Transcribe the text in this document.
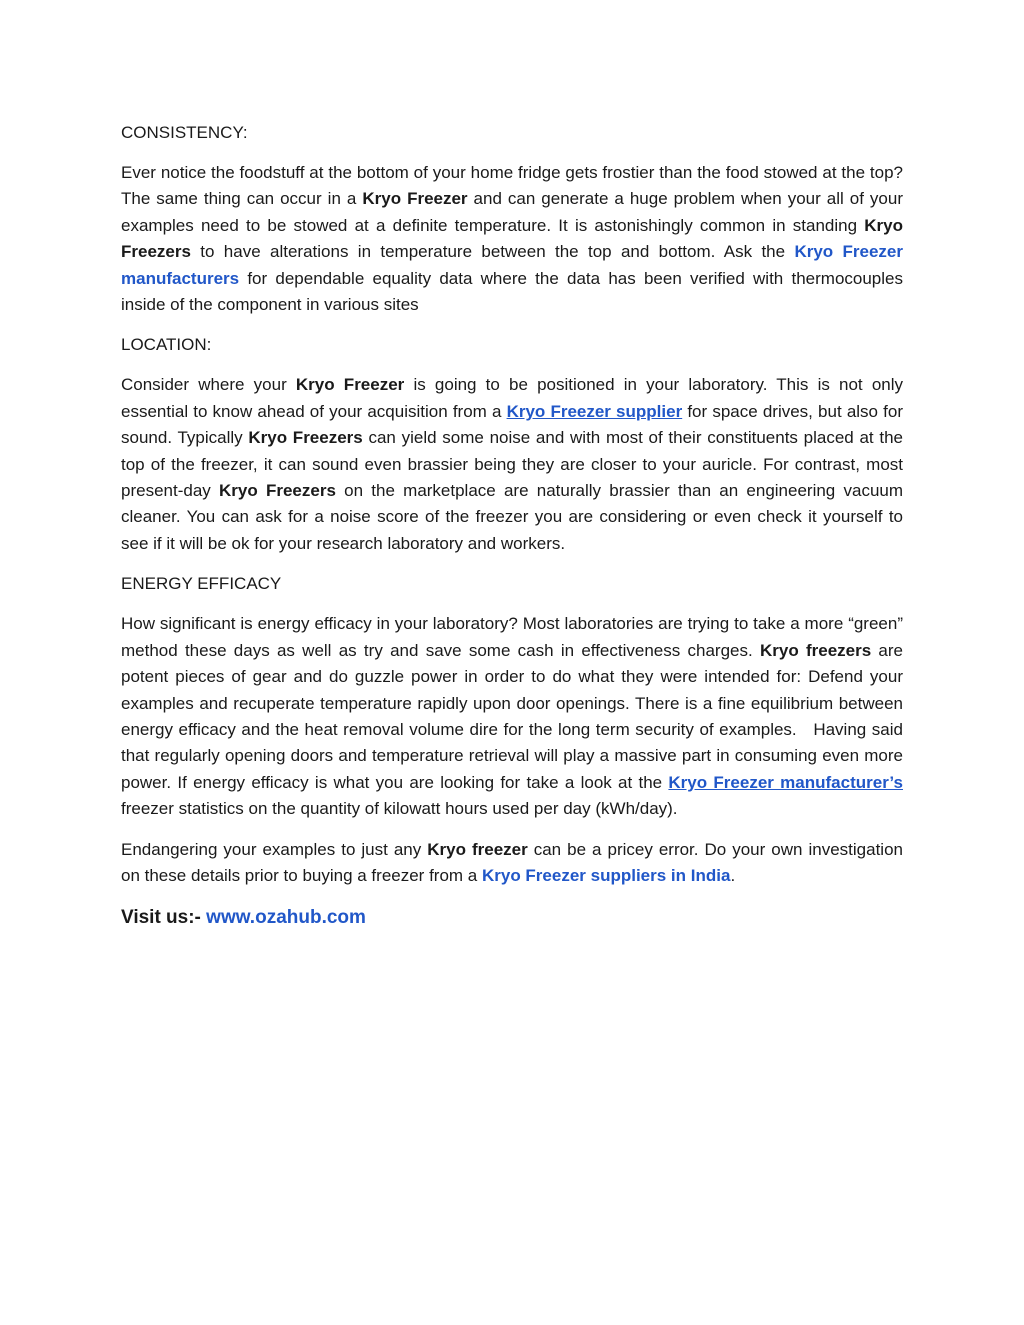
CONSISTENCY:

Ever notice the foodstuff at the bottom of your home fridge gets frostier than the food stowed at the top? The same thing can occur in a Kryo Freezer and can generate a huge problem when your all of your examples need to be stowed at a definite temperature. It is astonishingly common in standing Kryo Freezers to have alterations in temperature between the top and bottom. Ask the Kryo Freezer manufacturers for dependable equality data where the data has been verified with thermocouples inside of the component in various sites

LOCATION:

Consider where your Kryo Freezer is going to be positioned in your laboratory. This is not only essential to know ahead of your acquisition from a Kryo Freezer supplier for space drives, but also for sound. Typically Kryo Freezers can yield some noise and with most of their constituents placed at the top of the freezer, it can sound even brassier being they are closer to your auricle. For contrast, most present-day Kryo Freezers on the marketplace are naturally brassier than an engineering vacuum cleaner. You can ask for a noise score of the freezer you are considering or even check it yourself to see if it will be ok for your research laboratory and workers.

ENERGY EFFICACY

How significant is energy efficacy in your laboratory? Most laboratories are trying to take a more “green” method these days as well as try and save some cash in effectiveness charges. Kryo freezers are potent pieces of gear and do guzzle power in order to do what they were intended for: Defend your examples and recuperate temperature rapidly upon door openings. There is a fine equilibrium between energy efficacy and the heat removal volume dire for the long term security of examples.   Having said that regularly opening doors and temperature retrieval will play a massive part in consuming even more power. If energy efficacy is what you are looking for take a look at the Kryo Freezer manufacturer’s freezer statistics on the quantity of kilowatt hours used per day (kWh/day).

Endangering your examples to just any Kryo freezer can be a pricey error. Do your own investigation on these details prior to buying a freezer from a Kryo Freezer suppliers in India.

Visit us:- www.ozahub.com
